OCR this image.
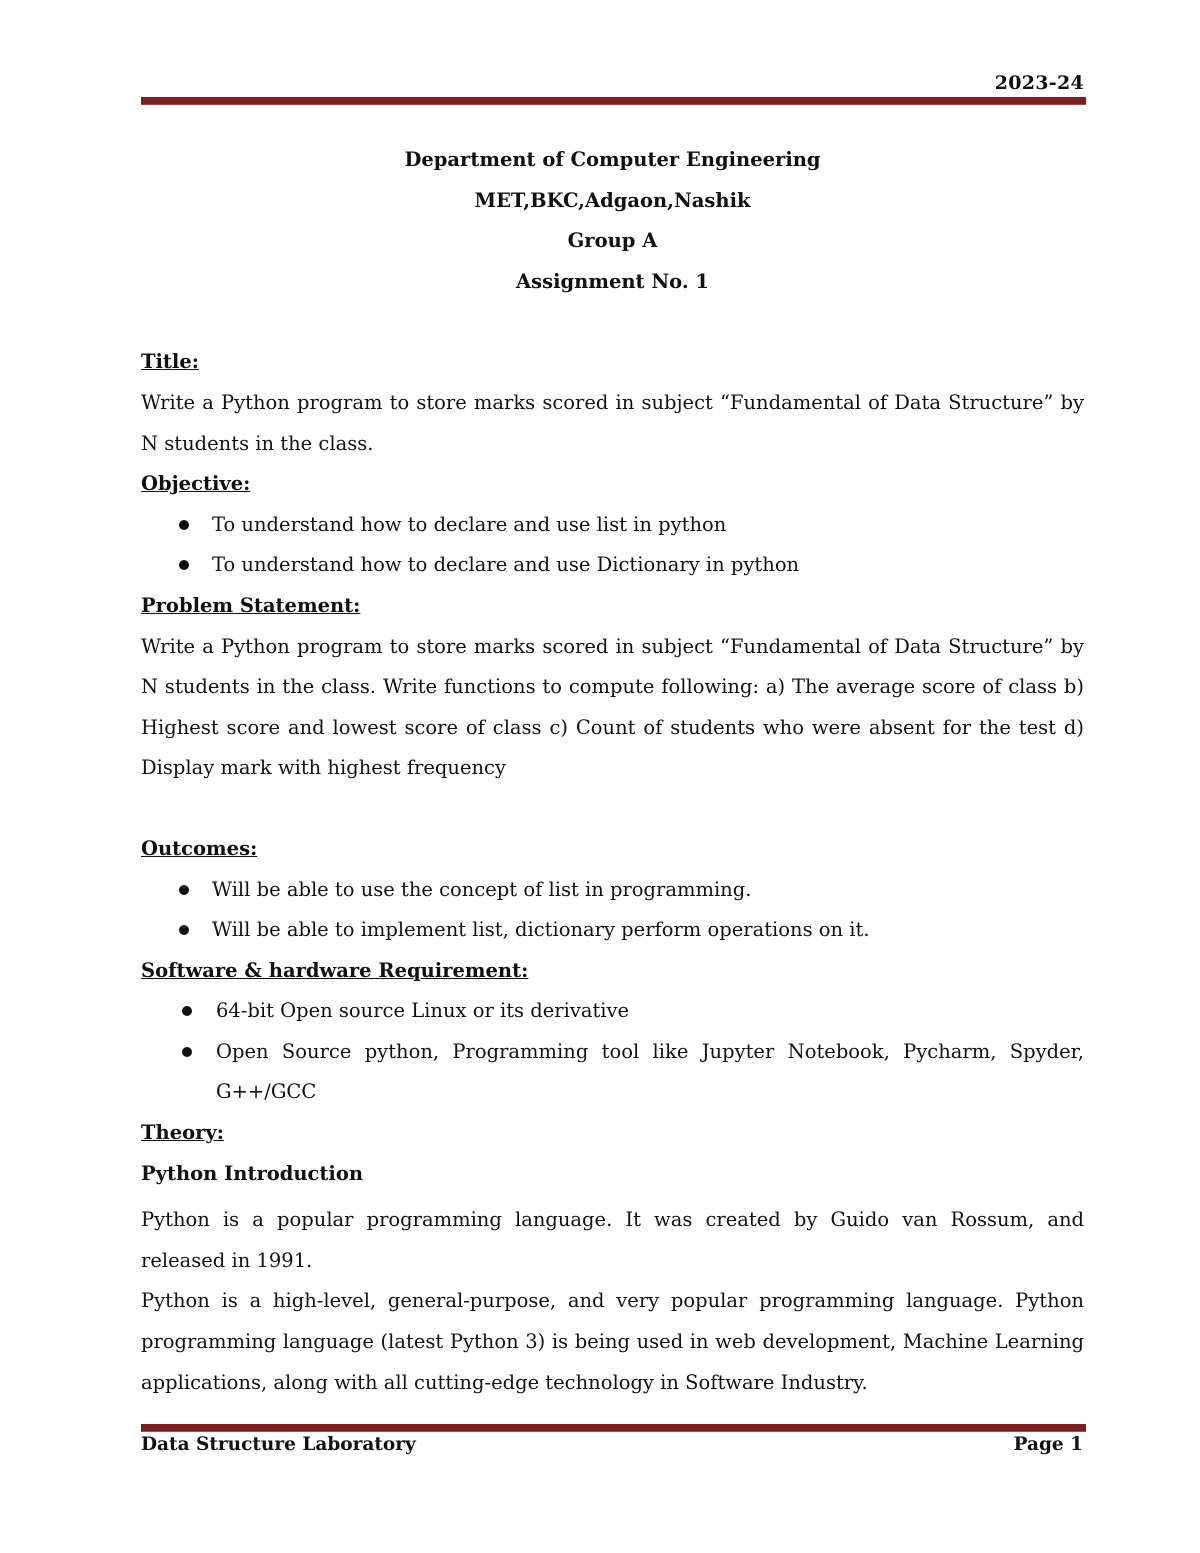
2023-24
Department of Computer Engineering
MET,BKC,Adgaon,Nashik
Group A
Assignment No. 1
Title:
Write a Python program to store marks scored in subject “Fundamental of Data Structure” by N students in the class.
Objective:
To understand how to declare and use list in python
To understand how to declare and use Dictionary in python
Problem Statement:
Write a Python program to store marks scored in subject “Fundamental of Data Structure” by N students in the class. Write functions to compute following: a) The average score of class b) Highest score and lowest score of class c) Count of students who were absent for the test d) Display mark with highest frequency
Outcomes:
Will be able to use the concept of list in programming.
Will be able to implement list, dictionary perform operations on it.
Software & hardware Requirement:
64-bit Open source Linux or its derivative
Open Source python, Programming tool like Jupyter Notebook, Pycharm, Spyder, G++/GCC
Theory:
Python Introduction
Python is a popular programming language. It was created by Guido van Rossum, and released in 1991.
Python is a high-level, general-purpose, and very popular programming language. Python programming language (latest Python 3) is being used in web development, Machine Learning applications, along with all cutting-edge technology in Software Industry.
Data Structure Laboratory	Page 1
